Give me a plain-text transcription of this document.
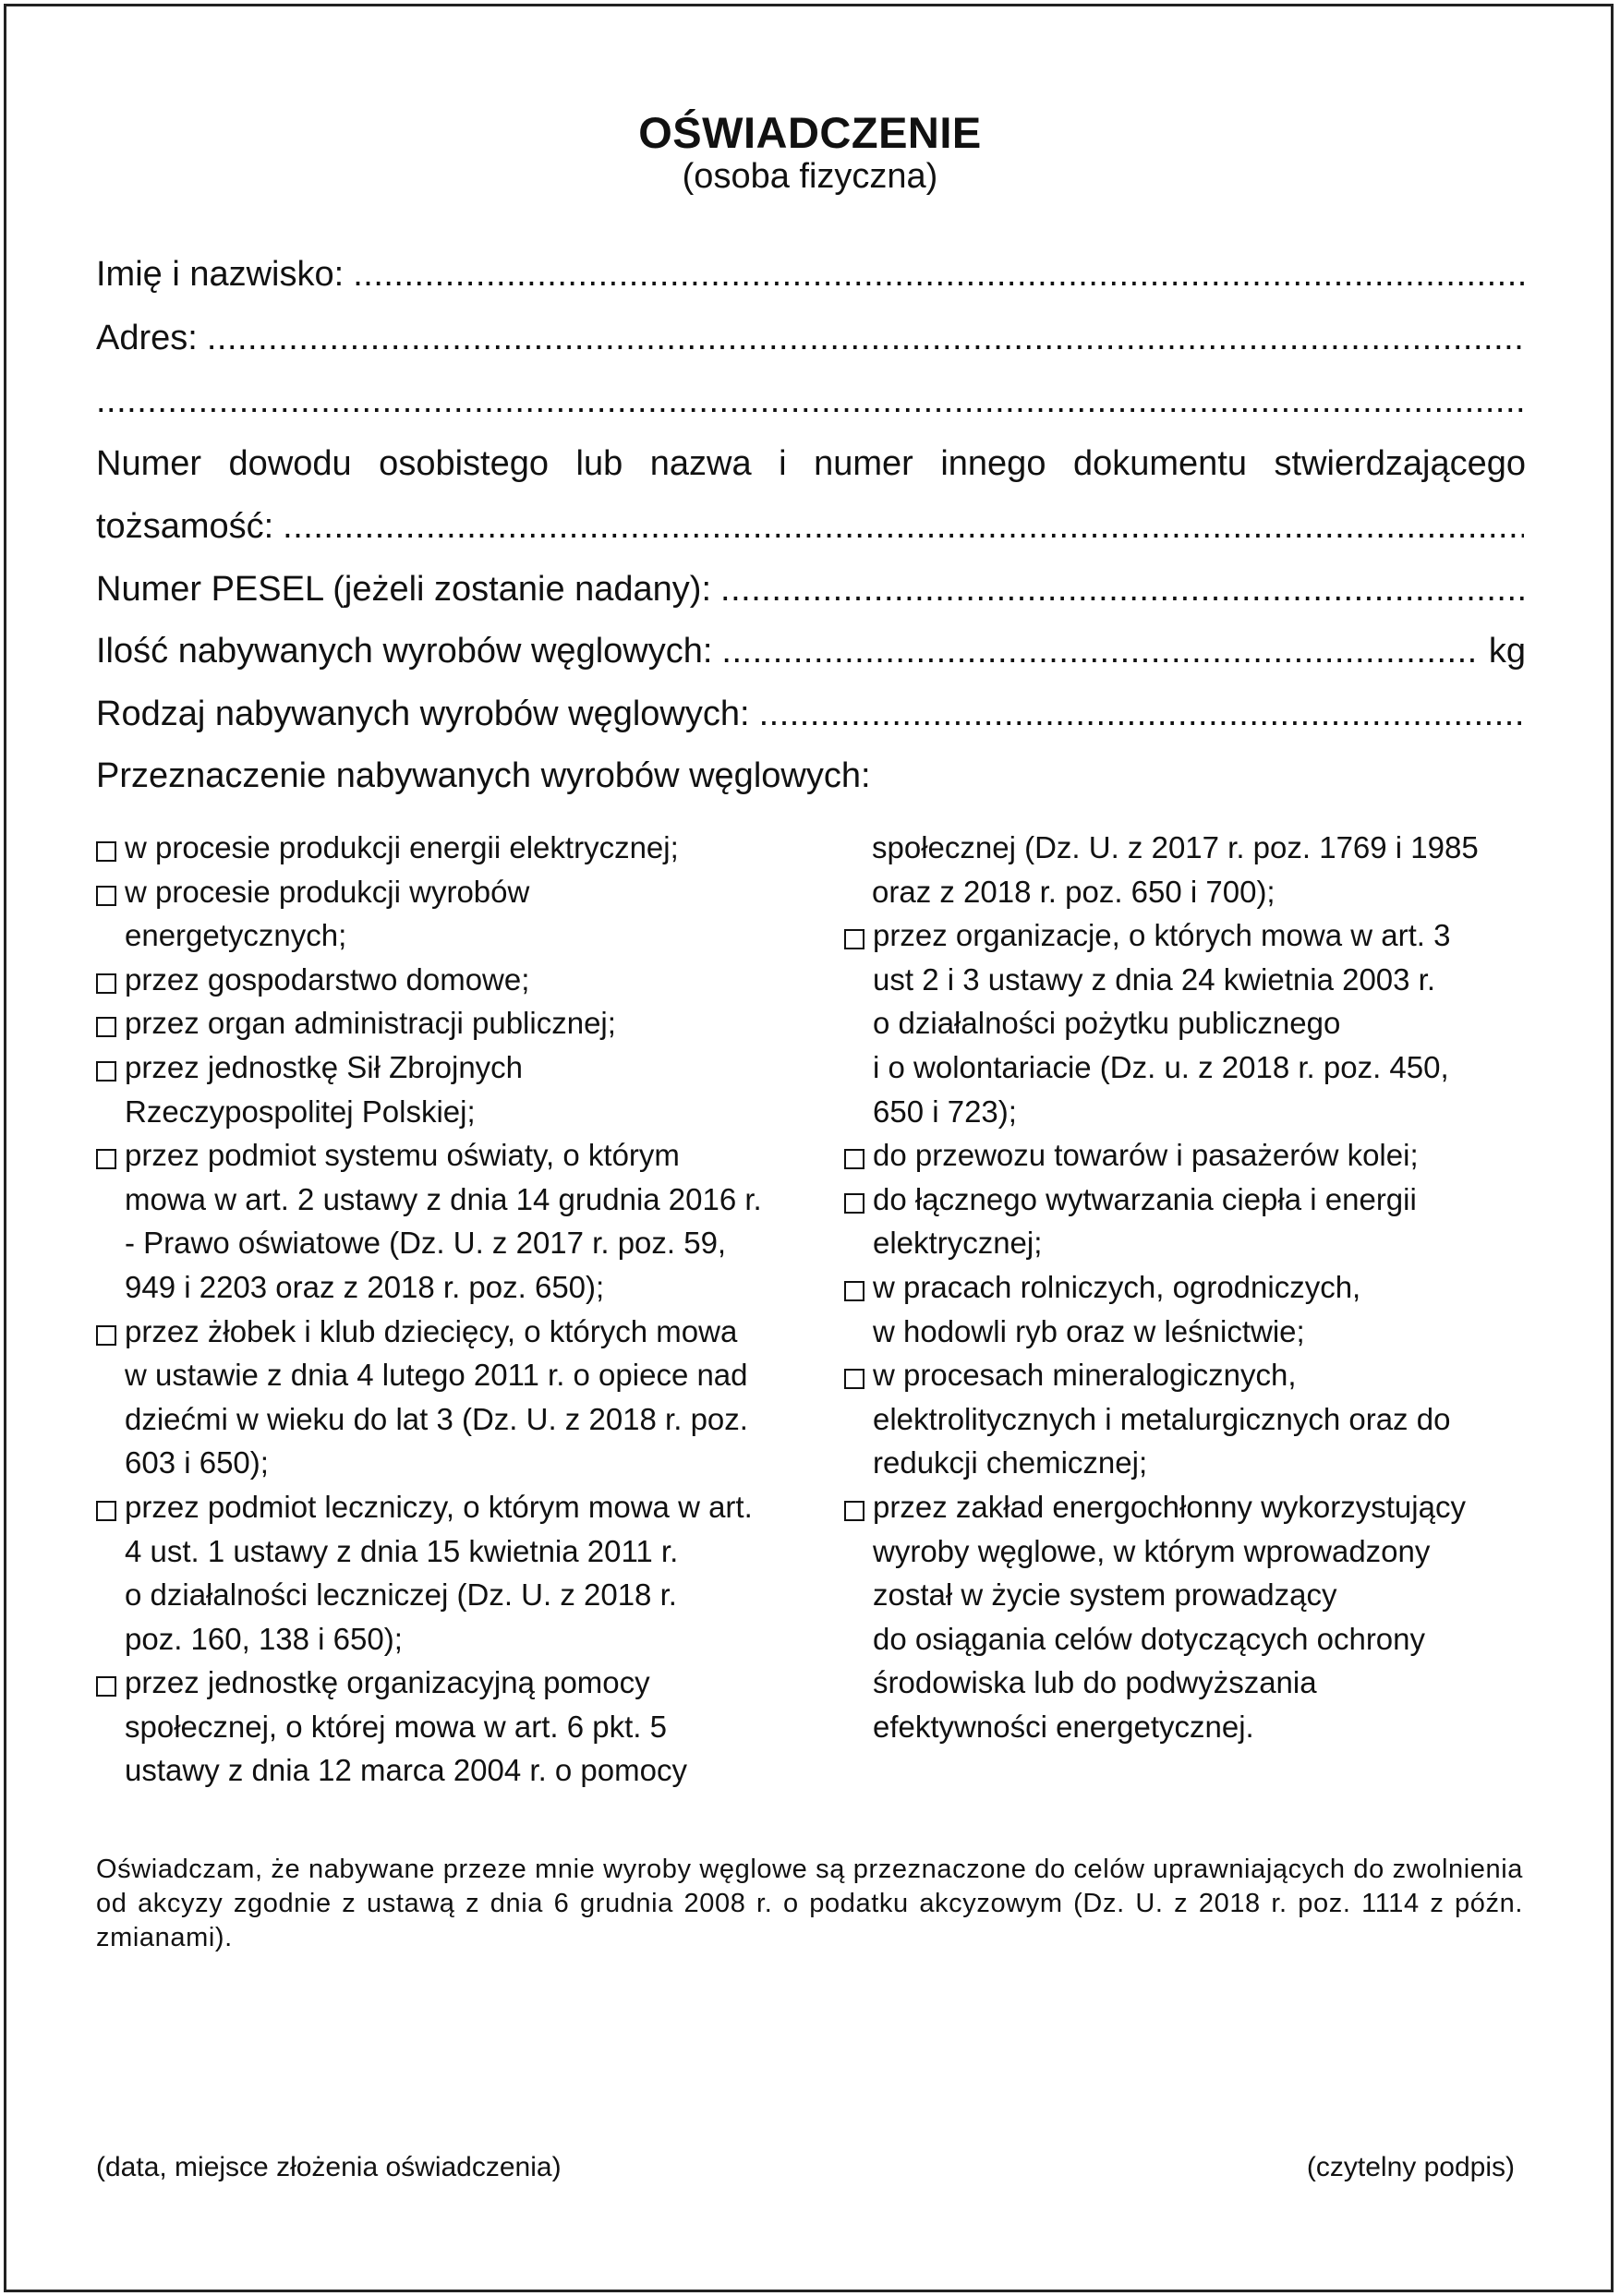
OŚWIADCZENIE
(osoba fizyczna)
Imię i nazwisko:
.....
Adres:
.....
.....
Numer dowodu osobistego lub nazwa i numer innego dokumentu stwierdzającego
tożsamość:
.....
Numer PESEL (jeżeli zostanie nadany):
.....
Ilość nabywanych wyrobów węglowych:
.....	kg
Rodzaj nabywanych wyrobów węglowych:
.....
Przeznaczenie nabywanych wyrobów węglowych:
w procesie produkcji energii elektrycznej;
w procesie produkcji wyrobów
energetycznych;
przez gospodarstwo domowe;
przez organ administracji publicznej;
przez jednostkę Sił Zbrojnych
Rzeczypospolitej Polskiej;
przez podmiot systemu oświaty, o którym
mowa w art. 2 ustawy z dnia 14 grudnia 2016 r.
- Prawo oświatowe (Dz. U. z 2017 r. poz. 59,
949 i 2203 oraz z 2018 r. poz. 650);
przez żłobek i klub dziecięcy, o których mowa
w ustawie z dnia 4 lutego 2011 r. o opiece nad
dziećmi w wieku do lat 3 (Dz. U. z 2018 r. poz.
603 i 650);
przez podmiot leczniczy, o którym mowa w art.
4 ust. 1 ustawy z dnia 15 kwietnia 2011 r.
o działalności leczniczej (Dz. U. z 2018 r.
poz. 160, 138 i 650);
przez jednostkę organizacyjną pomocy
społecznej, o której mowa w art. 6 pkt. 5
ustawy z dnia 12 marca 2004 r. o pomocy
społecznej (Dz. U. z 2017 r. poz. 1769 i 1985
oraz z 2018 r. poz. 650 i 700);
przez organizacje, o których mowa w art. 3
ust 2 i 3 ustawy z dnia 24 kwietnia 2003 r.
o działalności pożytku publicznego
i o wolontariacie (Dz. u. z 2018 r. poz. 450,
650 i 723);
do przewozu towarów i pasażerów kolei;
do łącznego wytwarzania ciepła i energii
elektrycznej;
w pracach rolniczych, ogrodniczych,
w hodowli ryb oraz w leśnictwie;
w procesach mineralogicznych,
elektrolitycznych i metalurgicznych oraz do
redukcji chemicznej;
przez zakład energochłonny wykorzystujący
wyroby węglowe, w którym wprowadzony
został w życie system prowadzący
do osiągania celów dotyczących ochrony
środowiska lub do podwyższania
efektywności energetycznej.
Oświadczam, że nabywane przeze mnie wyroby węglowe są przeznaczone do celów uprawniających do zwolnienia od akcyzy zgodnie z ustawą z dnia 6 grudnia 2008 r. o podatku akcyzowym (Dz. U. z 2018 r. poz. 1114 z późn. zmianami).
(data, miejsce złożenia oświadczenia)	(czytelny podpis)
